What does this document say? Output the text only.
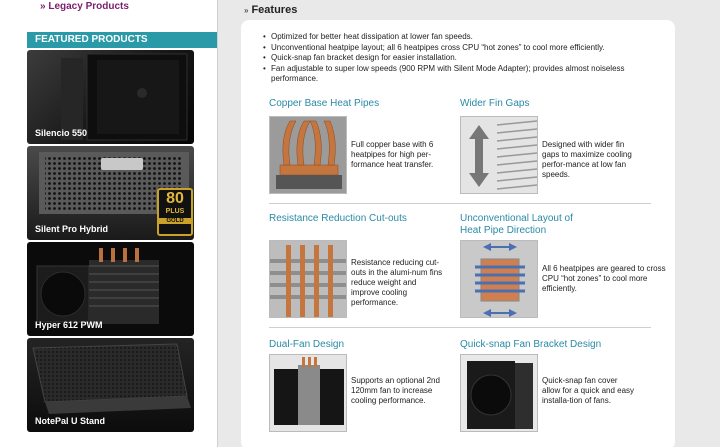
» Legacy Products
FEATURED PRODUCTS
Silencio 550
80
PLUS
GOLD
Silent Pro Hybrid
Hyper 612 PWM
NotePal U Stand
» Features
• Optimized for better heat dissipation at lower fan speeds.
• Unconventional heatpipe layout; all 6 heatpipes cross CPU “hot zones” to cool more efficiently.
• Quick-snap fan bracket design for easier installation.
• Fan adjustable to super low speeds (900 RPM with Silent Mode Adapter); provides almost noiseless performance.
Copper Base Heat Pipes
Full copper base with 6 heatpipes for high per-formance heat transfer.
Wider Fin Gaps
Designed with wider fin gaps to maximize cooling perfor-mance at low fan speeds.
Resistance Reduction Cut-outs
Resistance reducing cut-outs in the alumi-num fins reduce weight and improve cooling performance.
Unconventional Layout of Heat Pipe Direction
All 6 heatpipes are geared to cross CPU “hot zones” to cool more efficiently.
Dual-Fan Design
Supports an optional 2nd 120mm fan to increase cooling performance.
Quick-snap Fan Bracket Design
Quick-snap fan cover allow for a quick and easy installa-tion of fans.
